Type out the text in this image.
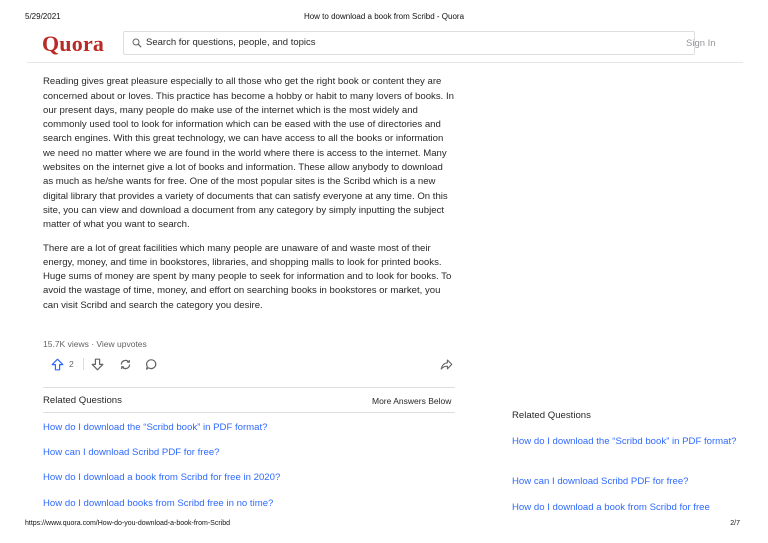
5/29/2021	How to download a book from Scribd - Quora
https://www.quora.com/How-do-you-download-a-book-from-Scribd	2/7
Quora
Search for questions, people, and topics	Sign In

Reading gives great pleasure especially to all those who get the right book or content they are concerned about or loves. This practice has become a hobby or habit to many lovers of books. In our present days, many people do make use of the internet which is the most widely and commonly used tool to look for information which can be eased with the use of directories and search engines. With this great technology, we can have access to all the books or information we need no matter where we are found in the world where there is access to the internet. Many websites on the internet give a lot of books and information. These allow anybody to download as much as he/she wants for free. One of the most popular sites is the Scribd which is a new digital library that provides a variety of documents that can satisfy everyone at any time. On this site, you can view and download a document from any category by simply inputting the subject matter of what you want to search.

There are a lot of great facilities which many people are unaware of and waste most of their energy, money, and time in bookstores, libraries, and shopping malls to look for printed books. Huge sums of money are spent by many people to seek for information and to look for books. To avoid the wastage of time, money, and effort on searching books in bookstores or market, you can visit Scribd and search the category you desire.

15.7K views · View upvotes
2
Related Questions	More Answers Below
How do I download the “Scribd book” in PDF format?
How can I download Scribd PDF for free?
How do I download a book from Scribd for free in 2020?
How do I download books from Scribd free in no time?
Related Questions
How do I download the “Scribd book” in PDF format?
How can I download Scribd PDF for free?
How do I download a book from Scribd for free
